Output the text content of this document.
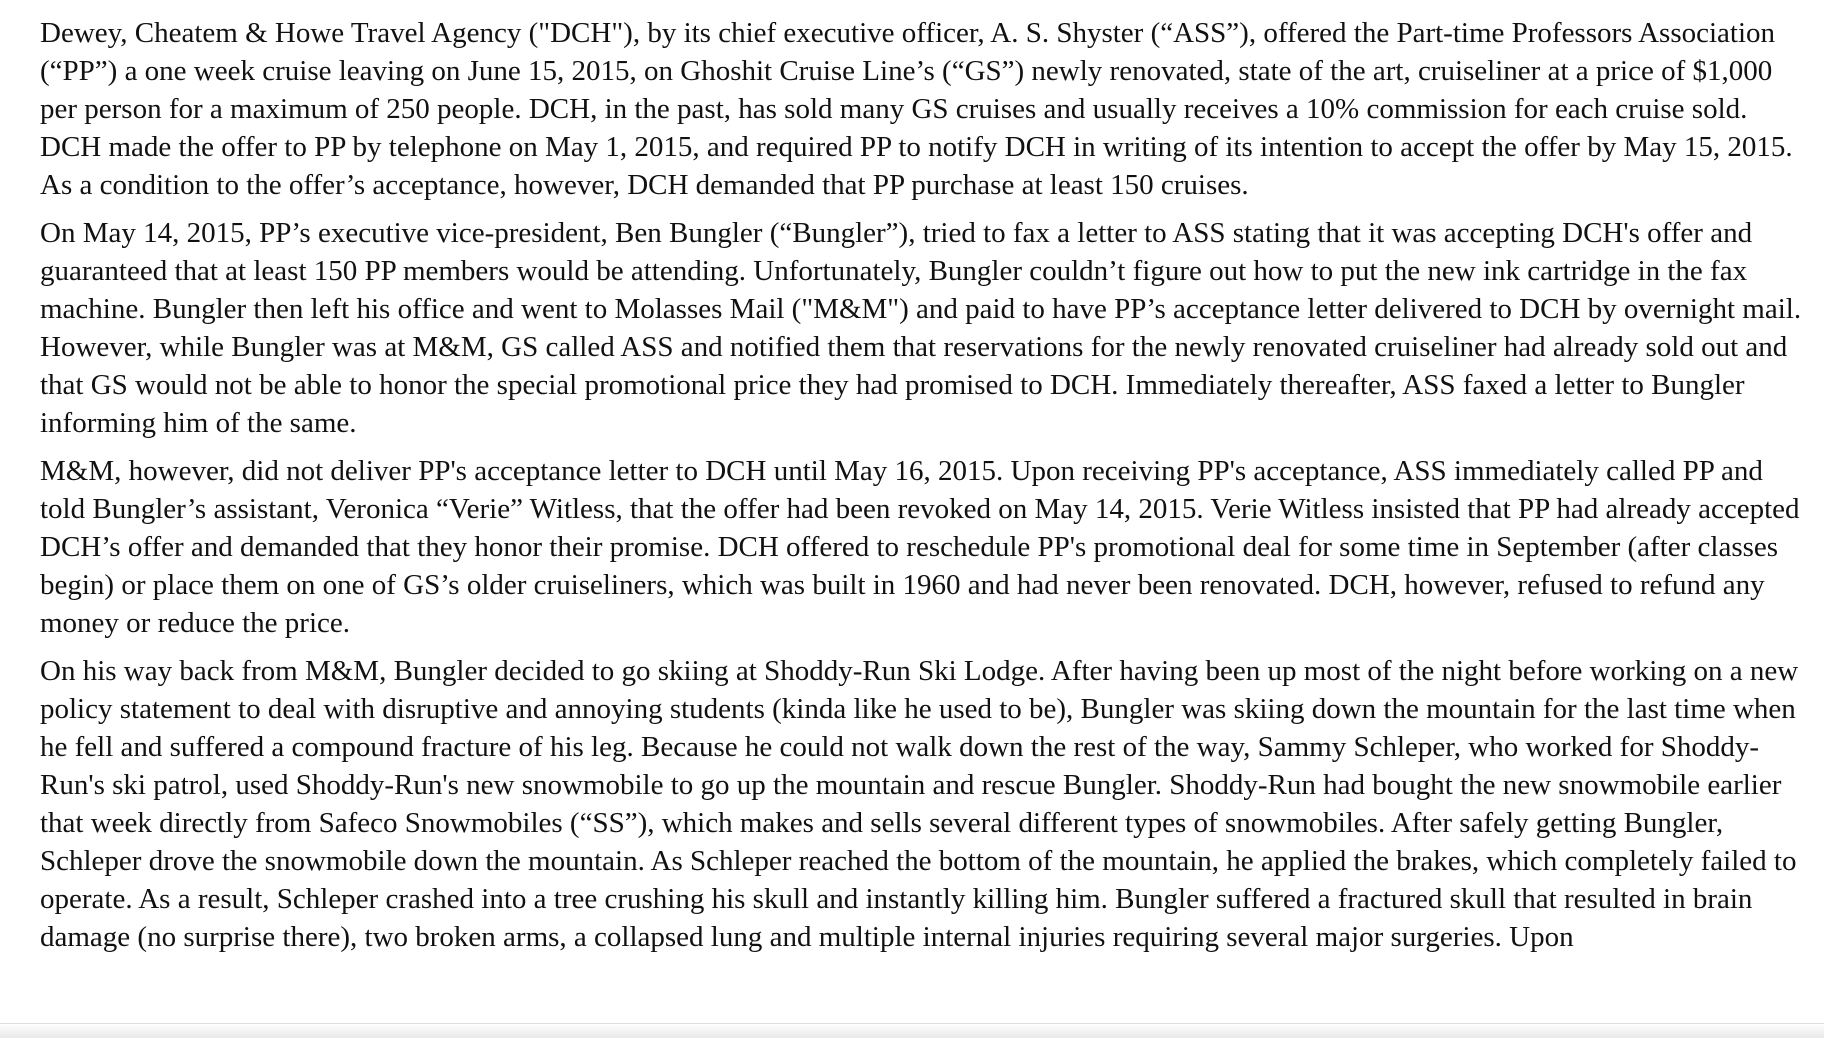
Dewey, Cheatem & Howe Travel Agency ("DCH"), by its chief executive officer, A. S. Shyster (“ASS”), offered the Part-time Professors Association (“PP”) a one week cruise leaving on June 15, 2015, on Ghoshit Cruise Line’s (“GS”) newly renovated, state of the art, cruiseliner at a price of $1,000 per person for a maximum of 250 people. DCH, in the past, has sold many GS cruises and usually receives a 10% commission for each cruise sold. DCH made the offer to PP by telephone on May 1, 2015, and required PP to notify DCH in writing of its intention to accept the offer by May 15, 2015. As a condition to the offer’s acceptance, however, DCH demanded that PP purchase at least 150 cruises.

On May 14, 2015, PP’s executive vice-president, Ben Bungler (“Bungler”), tried to fax a letter to ASS stating that it was accepting DCH's offer and guaranteed that at least 150 PP members would be attending. Unfortunately, Bungler couldn’t figure out how to put the new ink cartridge in the fax machine. Bungler then left his office and went to Molasses Mail ("M&M") and paid to have PP’s acceptance letter delivered to DCH by overnight mail. However, while Bungler was at M&M, GS called ASS and notified them that reservations for the newly renovated cruiseliner had already sold out and that GS would not be able to honor the special promotional price they had promised to DCH. Immediately thereafter, ASS faxed a letter to Bungler informing him of the same.

M&M, however, did not deliver PP's acceptance letter to DCH until May 16, 2015. Upon receiving PP's acceptance, ASS immediately called PP and told Bungler’s assistant, Veronica “Verie” Witless, that the offer had been revoked on May 14, 2015. Verie Witless insisted that PP had already accepted DCH’s offer and demanded that they honor their promise. DCH offered to reschedule PP's promotional deal for some time in September (after classes begin) or place them on one of GS’s older cruiseliners, which was built in 1960 and had never been renovated. DCH, however, refused to refund any money or reduce the price.

On his way back from M&M, Bungler decided to go skiing at Shoddy-Run Ski Lodge. After having been up most of the night before working on a new policy statement to deal with disruptive and annoying students (kinda like he used to be), Bungler was skiing down the mountain for the last time when he fell and suffered a compound fracture of his leg. Because he could not walk down the rest of the way, Sammy Schleper, who worked for Shoddy-Run's ski patrol, used Shoddy-Run's new snowmobile to go up the mountain and rescue Bungler. Shoddy-Run had bought the new snowmobile earlier that week directly from Safeco Snowmobiles (“SS”), which makes and sells several different types of snowmobiles. After safely getting Bungler, Schleper drove the snowmobile down the mountain. As Schleper reached the bottom of the mountain, he applied the brakes, which completely failed to operate. As a result, Schleper crashed into a tree crushing his skull and instantly killing him. Bungler suffered a fractured skull that resulted in brain damage (no surprise there), two broken arms, a collapsed lung and multiple internal injuries requiring several major surgeries. Upon
